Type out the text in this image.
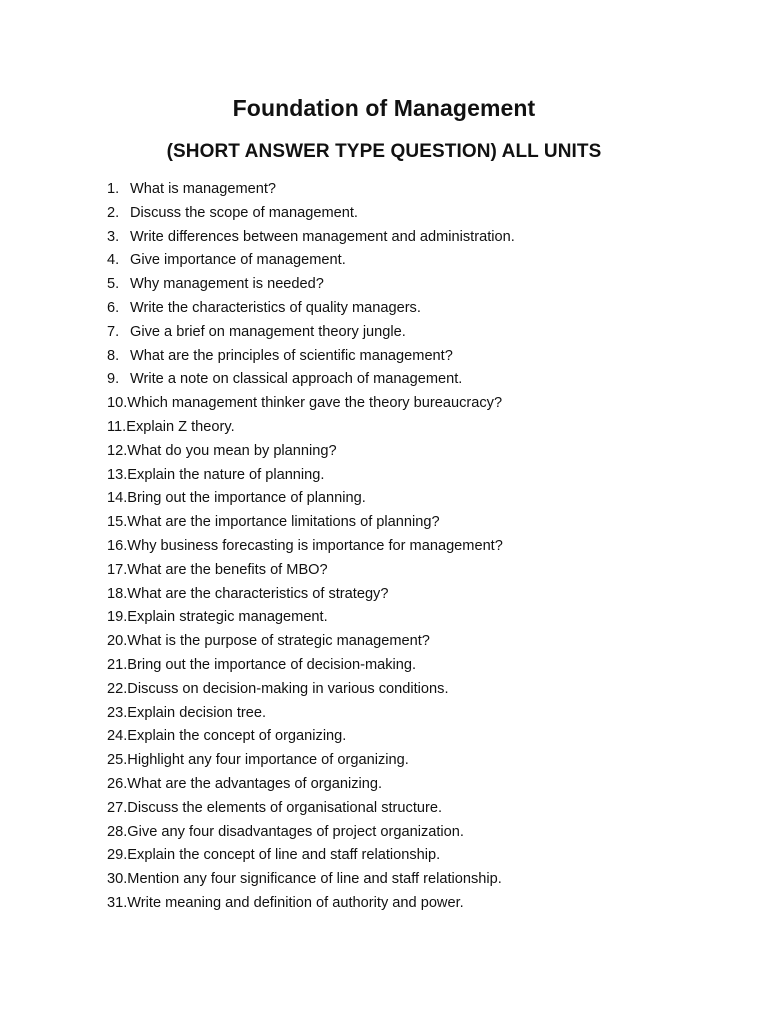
Foundation of Management
(SHORT ANSWER TYPE QUESTION) ALL UNITS
1. What is management?
2. Discuss the scope of management.
3. Write differences between management and administration.
4. Give importance of management.
5. Why management is needed?
6. Write the characteristics of quality managers.
7. Give a brief on management theory jungle.
8. What are the principles of scientific management?
9. Write a note on classical approach of management.
10.Which management thinker gave the theory bureaucracy?
11.Explain Z theory.
12.What do you mean by planning?
13.Explain the nature of planning.
14.Bring out the importance of planning.
15.What are the importance limitations of planning?
16.Why business forecasting is importance for management?
17.What are the benefits of MBO?
18.What are the characteristics of strategy?
19.Explain strategic management.
20.What is the purpose of strategic management?
21.Bring out the importance of decision-making.
22.Discuss on decision-making in various conditions.
23.Explain decision tree.
24.Explain the concept of organizing.
25.Highlight any four importance of organizing.
26.What are the advantages of organizing.
27.Discuss the elements of organisational structure.
28.Give any four disadvantages of project organization.
29.Explain the concept of line and staff relationship.
30.Mention any four significance of line and staff relationship.
31.Write meaning and definition of authority and power.
